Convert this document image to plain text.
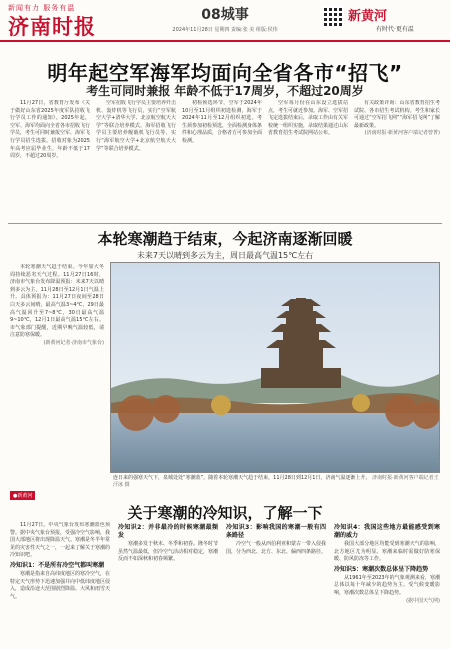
新闻有力 服务有温
济南时报	08城事
2024年11月28日 星期四 责编:张 美 组版:侯伟
新黄河
有时代·更有温
明年起空军海军均面向全省各市“招飞”
考生可同时兼报 年龄不低于17周岁，不超过20周岁

11月27日，省教育厅发布《关于做好山东省2025年度军队招收飞行学员工作的通知》。2025年起，空军、海军均面向全省各市招收飞行学员，考生可同时兼报空军、海军飞行学员招生选拔。招收对象为2025年高考应届毕业生，年龄不低于17周岁，不超过20周岁。

空军招收飞行学员主要培养歼击机、轰炸机等飞行员，实行“空军航空大学+清华大学、北京航空航天大学”等联合培养模式。海军招收飞行学员主要培养舰载机飞行员等，实行“海军航空大学+北京航空航天大学”等联合培养模式。

初检预选环节，空军于2024年10月至11月组织初选检测，海军于2024年11月至12月组织初选。考生须参加初检预选，全面检测身体条件和心理品质，合格者方可参加全面检测。

空军每月份在山东设立选拔站点，考生可就近参加。海军、空军招飞定选拔结束后，录取工作由有关军校统一组织实施，录取结果通过山东省教育招生考试院网站公布。

有关政策详询：山东省教育招生考试院、各市招生考试机构。考生和家长可通过“空军招飞网”“海军招飞网”了解最新政策。

(济南时报·新黄河客户端记者曾菁)
本轮寒潮趋于结束，今起济南逐渐回暖
未来7天以晴到多云为主，周日最高气温15℃左右

本轮寒潮天气趋于结束。今年加大冬周持续恶劣天气过程。11月27日16时，济南市气象台发布降温预报：未来7天以晴到多云为主，11月28日至12月1日气温上升。具体预报为：11月27日夜间至28日白天多云间晴，最高气温3~4℃，29日最高气温回升至7~8℃，30日最高气温9~10℃，12月1日最高气温15℃左右。市气象部门提醒，近期早晚气温较低，请注意防寒保暖。

(新黄河记者·济南市气象台)
连日来的强寒天气下，泉城处处“寒潮蓝”，随着本轮寒潮天气趋于结束，11月28日到12月1日，济南气温逐渐上升。 济南时报·新黄河客户端记者王汗冰 摄
●新黄河
关于寒潮的冷知识，了解一下

11月27日，中央气象台发布寒潮蓝色预警。据中央气象台预报，受强冷空气影响，我国大部地区将出现降温天气。寒潮是冬半年常见的灾害性天气之一，一起来了解关于寒潮的冷知识吧。

冷知识1：不是所有冷空气都叫寒潮

寒潮是指来自高纬度地区的寒冷空气，在特定天气形势下迅速加强并向中低纬度地区侵入，造成沿途大范围剧烈降温、大风和雨雪天气。

冷知识2：并非最冷的时候寒潮最频发

寒潮多发于秋末、冬季和初春。隆冬时节虽然气温最低，但冷空气活动相对稳定，寒潮反而不如深秋和初春频繁。

冷知识3：影响我国的寒潮一般有四条路径

冷空气一般从西伯利亚和蒙古一带入侵我国，分为西北、北方、东北、偏西四条路径。

冷知识4：我国这些地方最能感受到寒潮的威力

我国大部分地区均能受到寒潮天气的影响，北方地区尤为明显。寒潮来临时需做好防寒保暖、防风防冻等工作。

冷知识5：寒潮次数总体呈下降趋势

从1961年至2023年的气象观测来看，寒潮总体以每十年减少的趋势为主。受气候变暖影响，寒潮次数总体呈下降趋势。

(据中国天气网)
